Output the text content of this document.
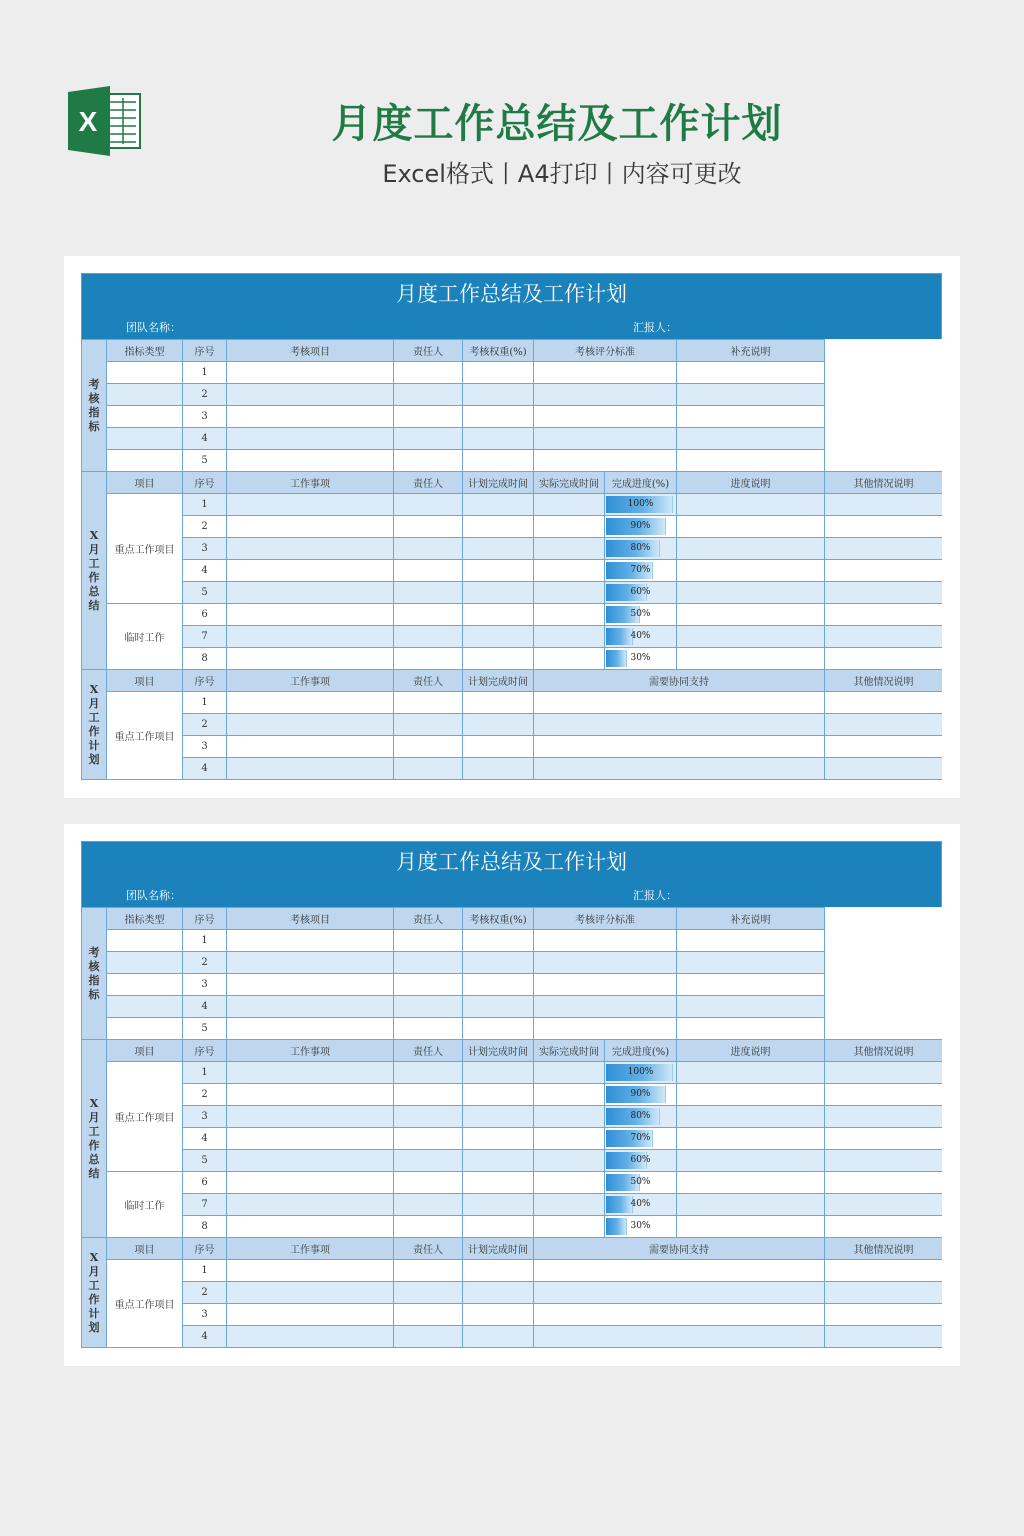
X	月度工作总结及工作计划
Excel格式丨A4打印丨内容可更改
月度工作总结及工作计划
团队名称：	汇报人：
考核指标	指标类型	序号	考核项目	责任人	考核权重(%)	考核评分标准		补充说明	
		1							
		2							
		3							
		4							
		5							
X月工作总结	项目	序号	工作事项	责任人	计划完成时间	实际完成时间	完成进度(%)	进度说明	其他情况说明
	重点工作项目	1					100%		

		2					90%		

		3					80%		

		4					70%		

		5					60%		

	临时工作	6					50%		

		7					40%		

		8					30%		

X月工作计划	项目	序号	工作事项	责任人	计划完成时间	需要协同支持			其他情况说明
	重点工作项目	1							
		2							
		3							
		4							
月度工作总结及工作计划
团队名称：	汇报人：
考核指标	指标类型	序号	考核项目	责任人	考核权重(%)	考核评分标准		补充说明	
		1							
		2							
		3							
		4							
		5							
X月工作总结	项目	序号	工作事项	责任人	计划完成时间	实际完成时间	完成进度(%)	进度说明	其他情况说明
	重点工作项目	1					100%		

		2					90%		

		3					80%		

		4					70%		

		5					60%		

	临时工作	6					50%		

		7					40%		

		8					30%		

X月工作计划	项目	序号	工作事项	责任人	计划完成时间	需要协同支持			其他情况说明
	重点工作项目	1							
		2							
		3							
		4							
